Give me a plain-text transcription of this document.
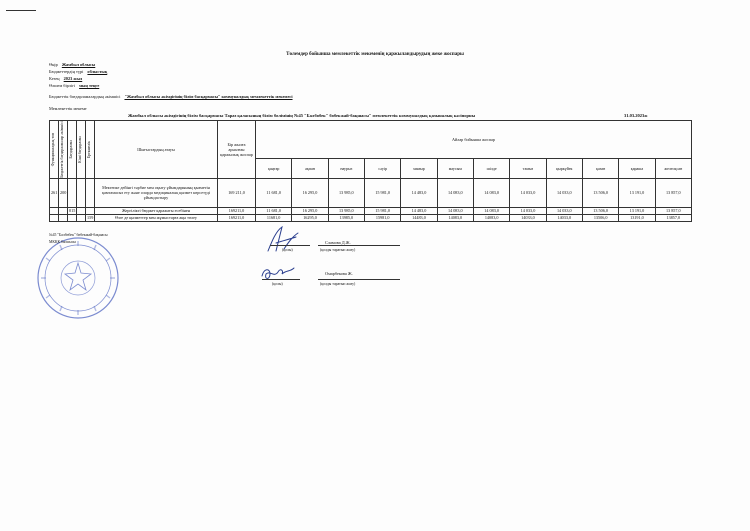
Төлемдер бойынша мемлекеттік мекеменің қаржыландырудың жеке жоспары
Өңір Жамбыл облысы
Бюджеттердің түрі облыстық
Кезең 2023 жыл
Өлшем бірлігі мың теңге
Бюджеттік бағдарламалардың әкімшісі "Жамбыл облысы әкімдігінің білім басқармасы" коммуналдық мемлекеттік мекемесі
Мемлекеттік мекеме
Жамбыл облысы әкімдігінің білім басқармасы Тараз қаласының білім бөлімінің №45 "Балбөбек" бөбекжай-бақшасы" мемлекеттік коммуналдық қазыналық кәсіпорны	31.03.2023ж
Функционалдық топ	Бюджеттік бағдарламалар әкімшісі	Бағдарлама	Кіші бағдарлама	Ерекшелік	Шығыстардың атауы	Бір жылға арналған қаржылық жоспар	Айлар бойынша жоспар											
							қаңтар	ақпан	наурыз	сәуір	мамыр	маусым	шілде	тамыз	қыркүйек	қазан	қараша	желтоқсан
261	200				Мектепке дейінгі тәрбие мен оқыту ұйымдарының қызметін қамтамасыз ету және оларда медициналық қызмет көрсетуді ұйымдастыру	169 211,0	11 681,0	16 295,0	13 985,0	15 981,0	14 483,0	14 083,0	14 083,0	14 033,0	14 033,0	13 506,0	13 191,0	13 857,0
		015			Жергілікті бюджет қаражаты есебінен	169211,0	11 681,0	16 295,0	13 985,0	15 981,0	14 483,0	14 083,0	14 083,0	14 033,0	14 033,0	13 506,0	13 191,0	13 857,0
				159	Өзге де қызметтер мен жұмыстарға ақы төлеу	169211,0	11681,0	16295,0	13985,0	15981,0	14483,0	14083,0	14083,0	14033,0	14033,0	13506,0	13191,0	13857,0
№45 "Балбөбек" бөбекжай-бақшасы
МКҚК басшысы
(қолы)
Сламова Д.Ж.
(қолды таратып жазу)
(қолы)
Омарбекова Ж.
(қолды таратып жазу)
